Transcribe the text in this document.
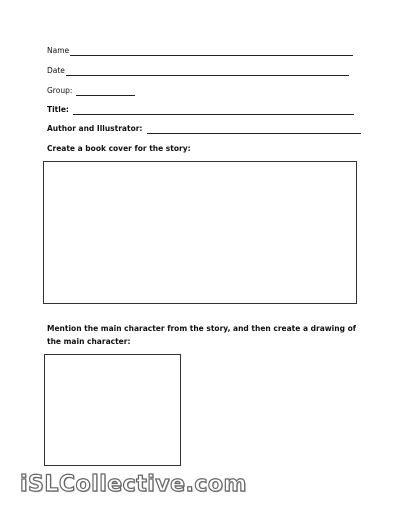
Name
Date
Group:
Title:
Author and Illustrator:
Create a book cover for the story:
Mention the main character from the story, and then create a drawing of the main character:
iSLCollective.com
